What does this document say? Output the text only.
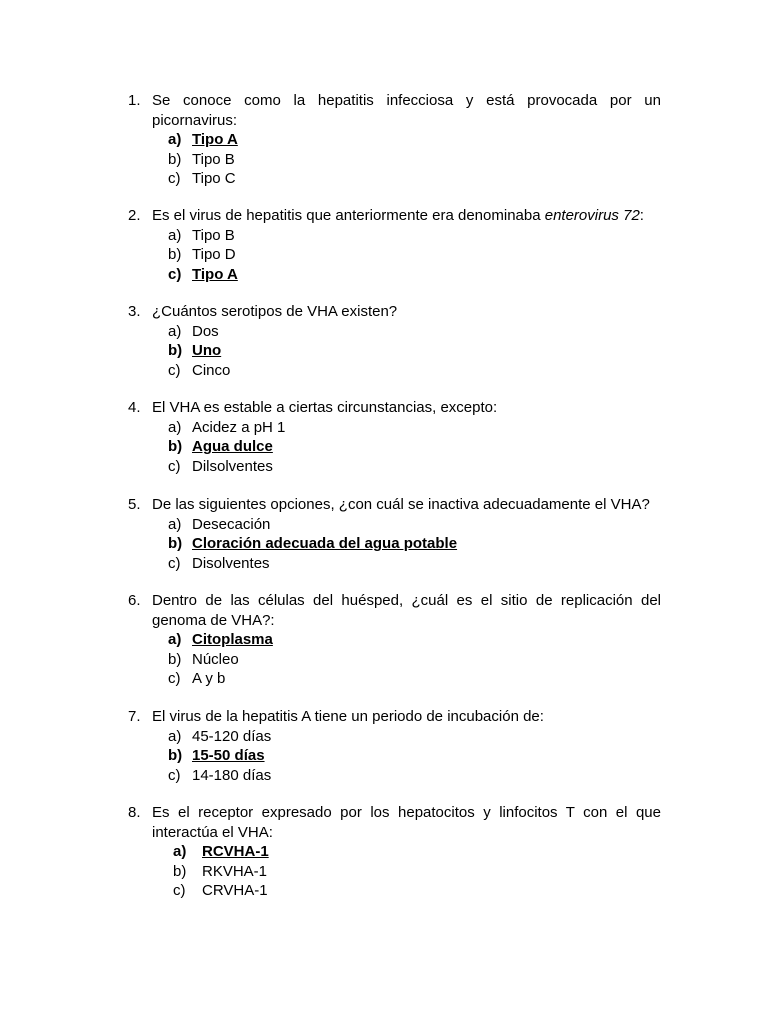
1. Se conoce como la hepatitis infecciosa y está provocada por un picornavirus:
a) Tipo A
b) Tipo B
c) Tipo C
2. Es el virus de hepatitis que anteriormente era denominaba enterovirus 72:
a) Tipo B
b) Tipo D
c) Tipo A
3. ¿Cuántos serotipos de VHA existen?
a) Dos
b) Uno
c) Cinco
4. El VHA es estable a ciertas circunstancias, excepto:
a) Acidez a pH 1
b) Agua dulce
c) Dilsolventes
5. De las siguientes opciones, ¿con cuál se inactiva adecuadamente el VHA?
a) Desecación
b) Cloración adecuada del agua potable
c) Disolventes
6. Dentro de las células del huésped, ¿cuál es el sitio de replicación del genoma de VHA?:
a) Citoplasma
b) Núcleo
c) A y b
7. El virus de la hepatitis A tiene un periodo de incubación de:
a) 45-120 días
b) 15-50 días
c) 14-180 días
8. Es el receptor expresado por los hepatocitos y linfocitos T con el que interactúa el VHA:
a) RCVHA-1
b) RKVHA-1
c) CRVHA-1
